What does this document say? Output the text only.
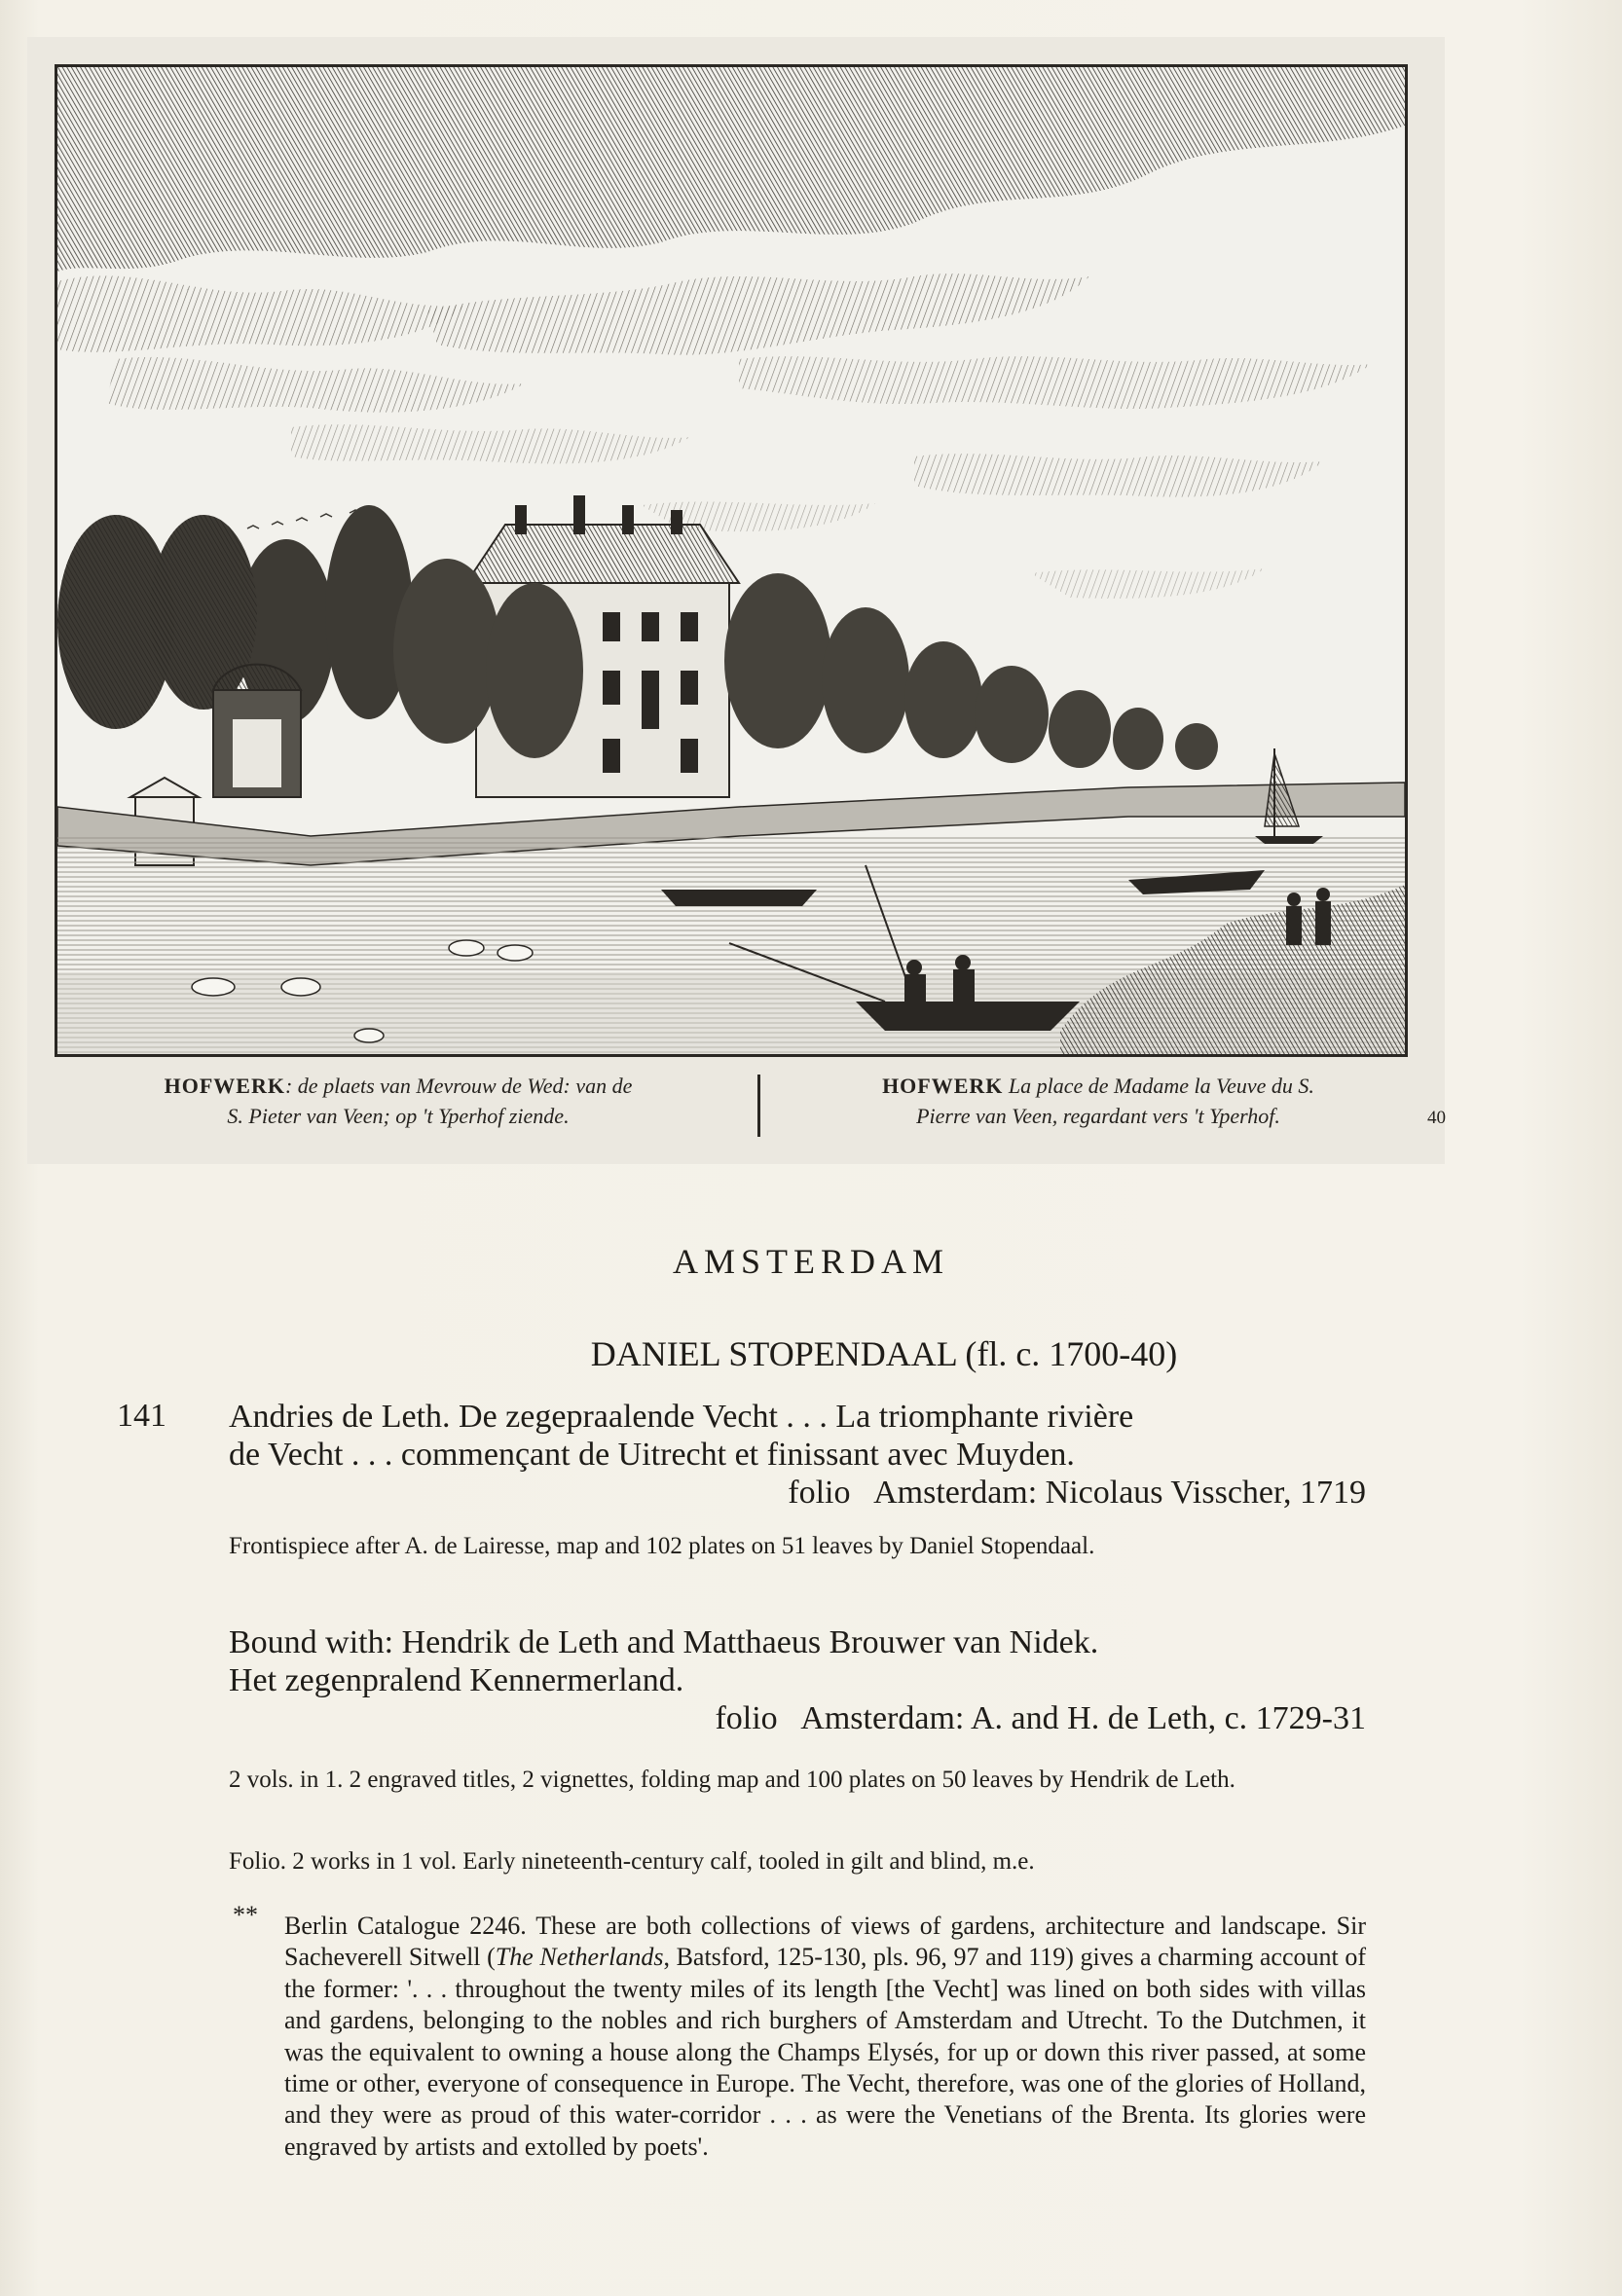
HOFWERK: de plaets van Mevrouw de Wed: van de
S. Pieter van Veen; op 't Yperhof ziende.
HOFWERK La place de Madame la Veuve du S.
Pierre van Veen, regardant vers 't Yperhof.	40
AMSTERDAM
DANIEL STOPENDAAL (fl. c. 1700-40)
141 Andries de Leth. De zegepraalende Vecht . . . La triomphante rivière
de Vecht . . . commençant de Uitrecht et finissant avec Muyden.
folio   Amsterdam: Nicolaus Visscher, 1719
Frontispiece after A. de Lairesse, map and 102 plates on 51 leaves by Daniel Stopendaal.
Bound with: Hendrik de Leth and Matthaeus Brouwer van Nidek.
Het zegenpralend Kennermerland.
folio   Amsterdam: A. and H. de Leth, c. 1729-31
2 vols. in 1. 2 engraved titles, 2 vignettes, folding map and 100 plates on 50 leaves by Hendrik de Leth.
Folio. 2 works in 1 vol. Early nineteenth-century calf, tooled in gilt and blind, m.e.
** Berlin Catalogue 2246. These are both collections of views of gardens, architecture and landscape. Sir Sacheverell Sitwell (The Netherlands, Batsford, 125-130, pls. 96, 97 and 119) gives a charming account of the former: '. . . throughout the twenty miles of its length [the Vecht] was lined on both sides with villas and gardens, belonging to the nobles and rich burghers of Amsterdam and Utrecht. To the Dutchmen, it was the equivalent to owning a house along the Champs Elysés, for up or down this river passed, at some time or other, everyone of consequence in Europe. The Vecht, therefore, was one of the glories of Holland, and they were as proud of this water-corridor . . . as were the Venetians of the Brenta. Its glories were engraved by artists and extolled by poets'.
